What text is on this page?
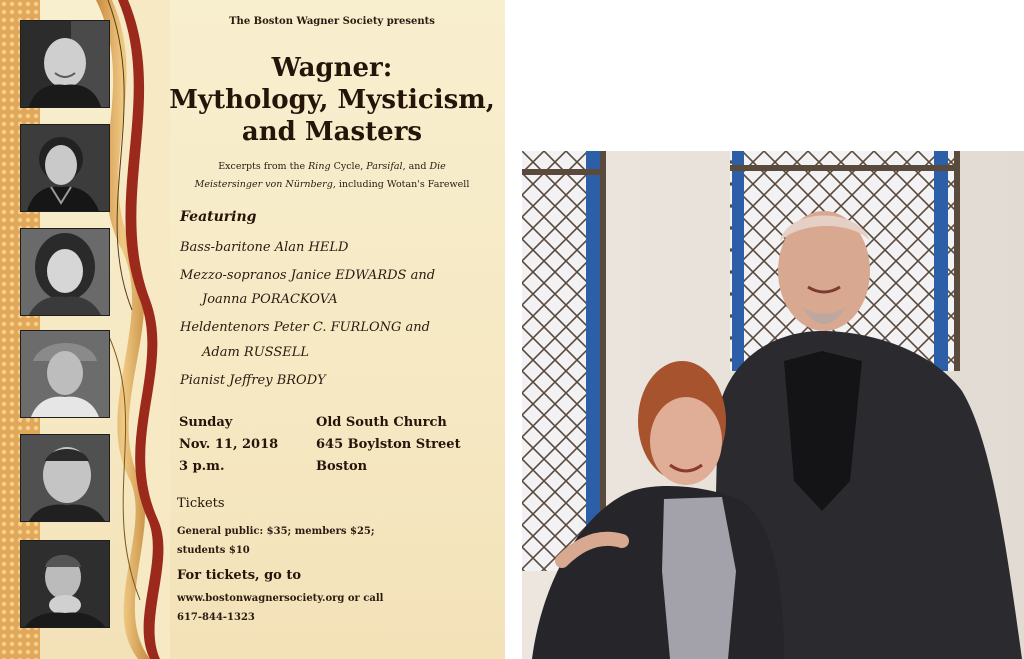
The Boston Wagner Society presents
Wagner:
Mythology, Mysticism,
and Masters
Excerpts from the Ring Cycle, Parsifal, and Die
Meistersinger von Nürnberg, including Wotan's Farewell
Featuring
Bass-baritone Alan HELD
Mezzo-sopranos Janice EDWARDS and
Joanna PORACKOVA
Heldentenors Peter C. FURLONG and
Adam RUSSELL
Pianist Jeffrey BRODY
Sunday
Nov. 11, 2018
3 p.m.
Old South Church
645 Boylston Street
Boston
Tickets
General public: $35; members $25;
students $10
For tickets, go to
www.bostonwagnersociety.org or call
617-844-1323
